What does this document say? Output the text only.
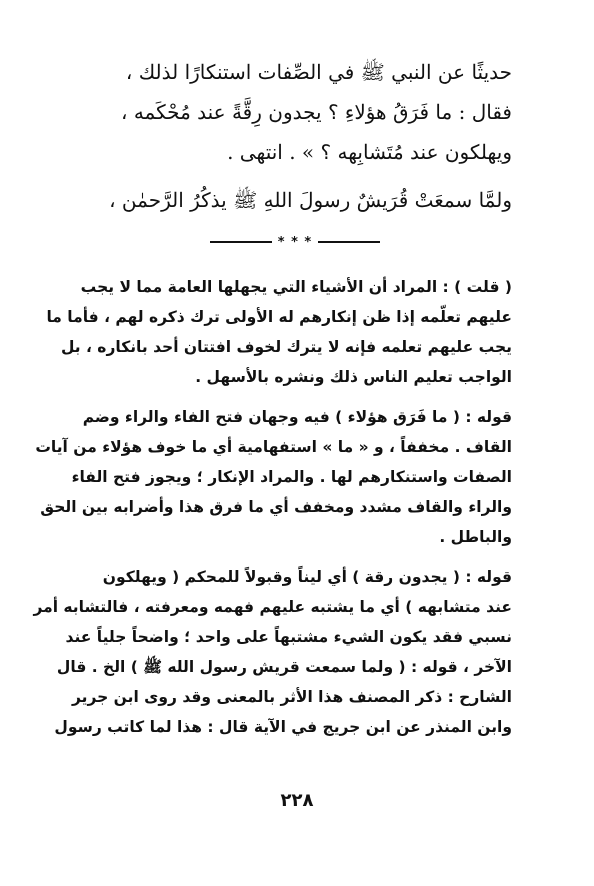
حديثًا عن النبي ﷺ في الصِّفات استنكارًا لذلك ،
فقال : ما فَرَقُ هؤلاءِ ؟ يجدون رِقَّةً عند مُحْكَمه ،
ويهلكون عند مُتَشابِهه ؟ » . انتهى .
ولمَّا سمعَتْ قُرَيشٌ رسولَ اللهِ ﷺ يذكُرُ الرَّحمٰن ،
* * *
( قلت ) : المراد أن الأشياء التي يجهلها العامة مما لا يجب
عليهم تعلّمه إذا ظن إنكارهم له الأولى ترك ذكره لهم ، فأما ما
يجب عليهم تعلمه فإنه لا يترك لخوف افتتان أحد بانكاره ، بل
الواجب تعليم الناس ذلك ونشره بالأسهل .
قوله : ( ما فَرَق هؤلاء ) فيه وجهان فتح الفاء والراء وضم
القاف . مخففاً ، و « ما » استفهامية أي ما خوف هؤلاء من آيات
الصفات واستنكارهم لها . والمراد الإنكار ؛ ويجوز فتح الفاء
والراء والقاف مشدد ومخفف أي ما فرق هذا وأضرابه بين الحق
والباطل .
قوله : ( يجدون رقة ) أي ليناً وقبولاً للمحكم ( ويهلكون
عند متشابهه ) أي ما يشتبه عليهم فهمه ومعرفته ، فالتشابه أمر
نسبي فقد يكون الشيء مشتبهاً على واحد ؛ واضحاً جلياً عند
الآخر ، قوله : ( ولما سمعت قريش رسول الله ﷺ ) الخ . قال
الشارح : ذكر المصنف هذا الأثر بالمعنى وقد روى ابن جرير
وابن المنذر عن ابن جريج في الآية قال : هذا لما كاتب رسول
٢٢٨
